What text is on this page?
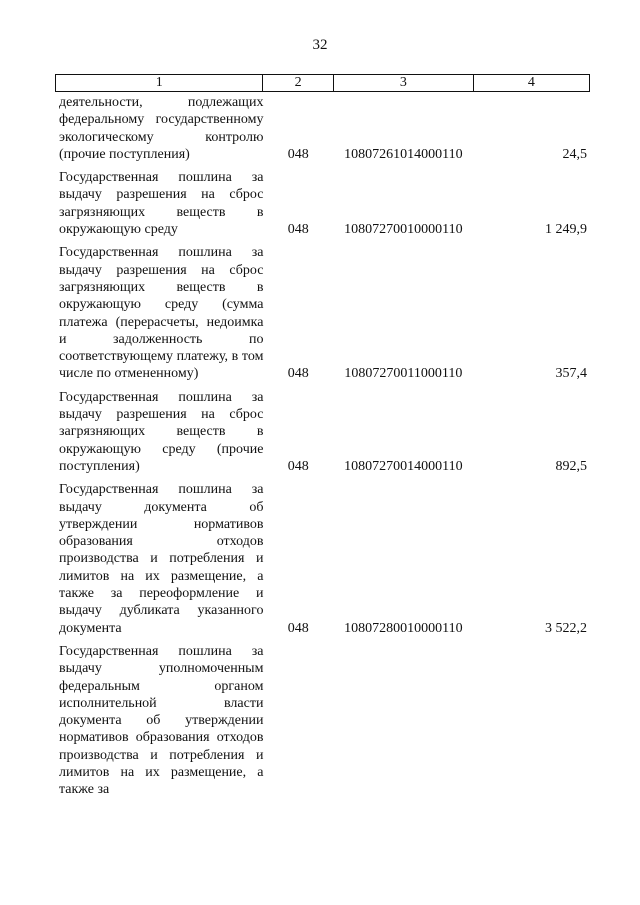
32
1	2	3	4
деятельности, подлежащих федеральному государственному экологическому контролю (прочие поступления)	048	10807261014000110	24,5
Государственная пошлина за выдачу разрешения на сброс загрязняющих веществ в окружающую среду	048	10807270010000110	1 249,9
Государственная пошлина за выдачу разрешения на сброс загрязняющих веществ в окружающую среду (сумма платежа (перерасчеты, недоимка и задолженность по соответствующему платежу, в том числе по отмененному)	048	10807270011000110	357,4
Государственная пошлина за выдачу разрешения на сброс загрязняющих веществ в окружающую среду (прочие поступления)	048	10807270014000110	892,5
Государственная пошлина за выдачу документа об утверждении нормативов образования отходов производства и потребления и лимитов на их размещение, а также за переоформление и выдачу дубликата указанного документа	048	10807280010000110	3 522,2
Государственная пошлина за выдачу уполномоченным федеральным органом исполнительной власти документа об утверждении нормативов образования отходов производства и потребления и лимитов на их размещение, а также за
